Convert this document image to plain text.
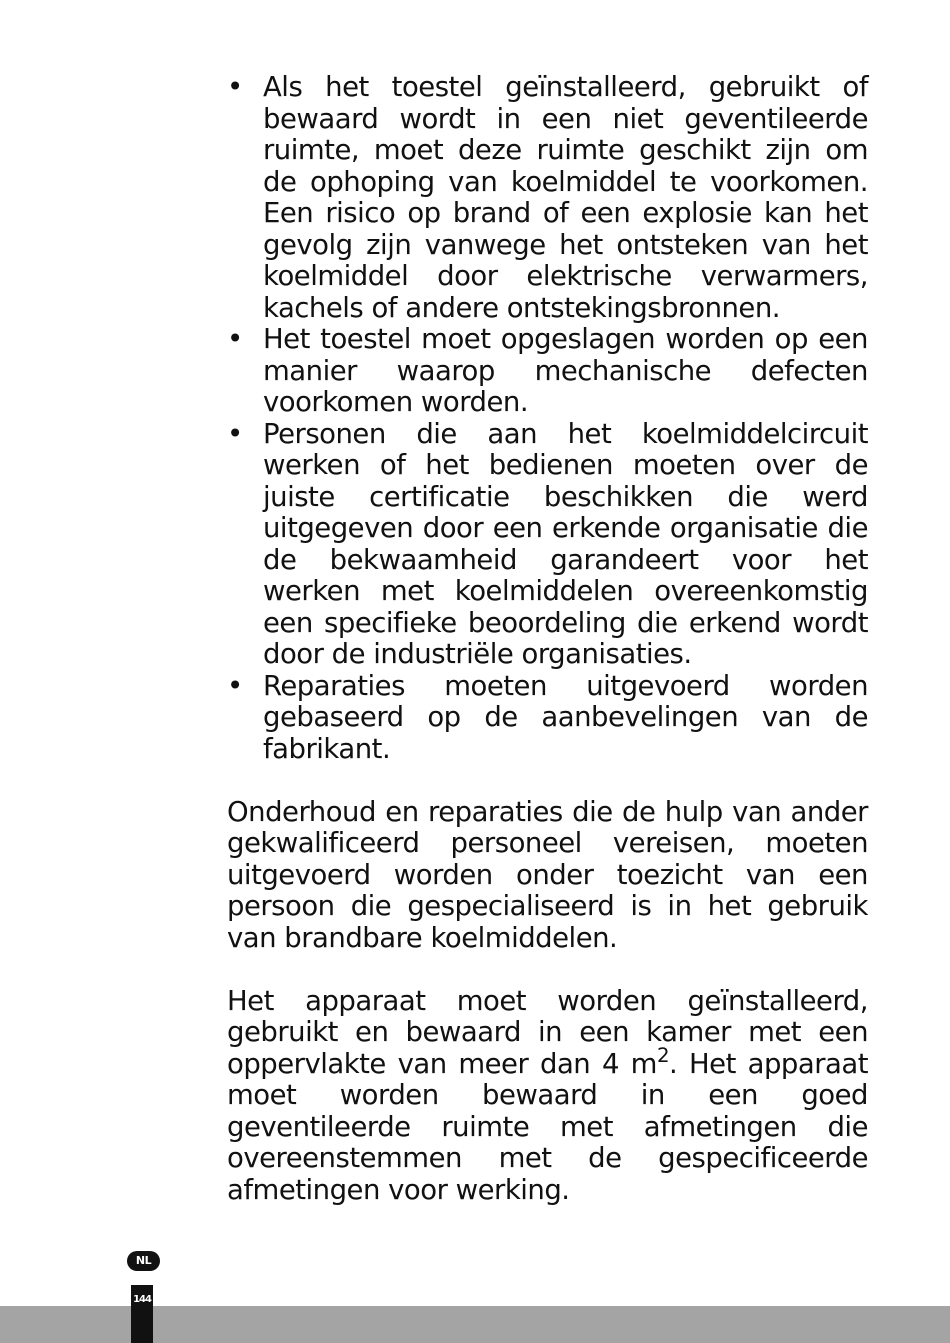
• Als het toestel geïnstalleerd, gebruikt of bewaard wordt in een niet geventileerde ruimte, moet deze ruimte geschikt zijn om de ophoping van koelmiddel te voorkomen. Een risico op brand of een explosie kan het gevolg zijn vanwege het ontsteken van het koelmiddel door elektrische verwarmers, kachels of andere ontstekingsbronnen.
• Het toestel moet opgeslagen worden op een manier waarop mechanische defecten voorkomen worden.
• Personen die aan het koelmiddelcircuit werken of het bedienen moeten over de juiste certificatie beschikken die werd uitgegeven door een erkende organisatie die de bekwaamheid garandeert voor het werken met koelmiddelen overeenkomstig een specifieke beoordeling die erkend wordt door de industriële organisaties.
• Reparaties moeten uitgevoerd worden gebaseerd op de aanbevelingen van de fabrikant.

Onderhoud en reparaties die de hulp van ander gekwalificeerd personeel vereisen, moeten uitgevoerd worden onder toezicht van een persoon die gespecialiseerd is in het gebruik van brandbare koelmiddelen.

Het apparaat moet worden geïnstalleerd, gebruikt en bewaard in een kamer met een oppervlakte van meer dan 4 $m^2$. Het apparaat moet worden bewaard in een goed geventileerde ruimte met afmetingen die overeenstemmen met de gespecificeerde afmetingen voor werking.

NL
144
